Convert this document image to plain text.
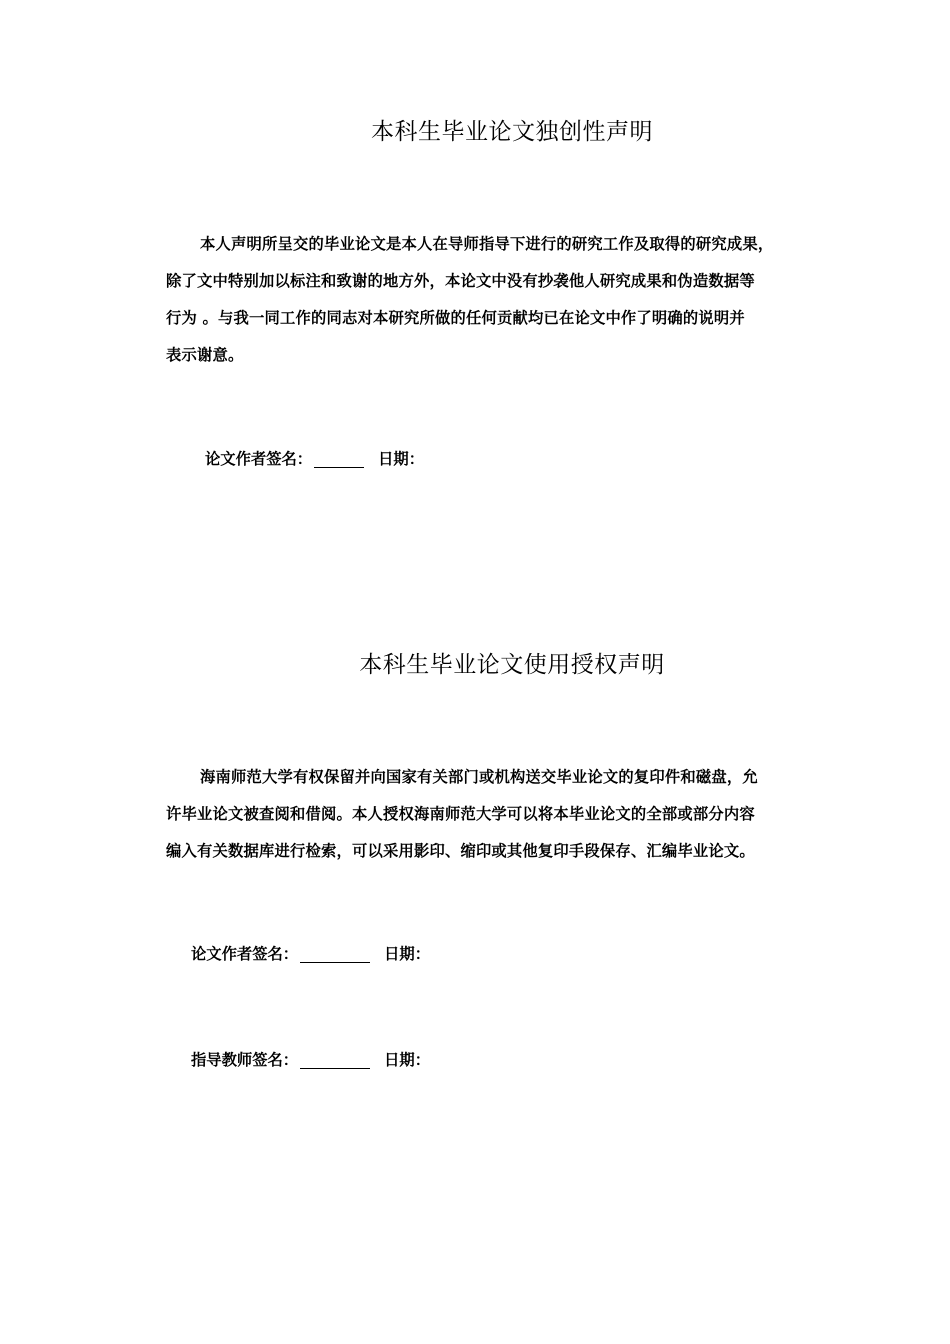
本科生毕业论文独创性声明
本人声明所呈交的毕业论文是本人在导师指导下进行的研究工作及取得的研究成果，
除了文中特别加以标注和致谢的地方外，本论文中没有抄袭他人研究成果和伪造数据等
行为 。与我一同工作的同志对本研究所做的任何贡献均已在论文中作了明确的说明并
表示谢意。
论文作者签名：	日期：
本科生毕业论文使用授权声明
海南师范大学有权保留并向国家有关部门或机构送交毕业论文的复印件和磁盘，允
许毕业论文被查阅和借阅。本人授权海南师范大学可以将本毕业论文的全部或部分内容
编入有关数据库进行检索，可以采用影印、缩印或其他复印手段保存、汇编毕业论文。
论文作者签名：	日期：
指导教师签名：	日期：
